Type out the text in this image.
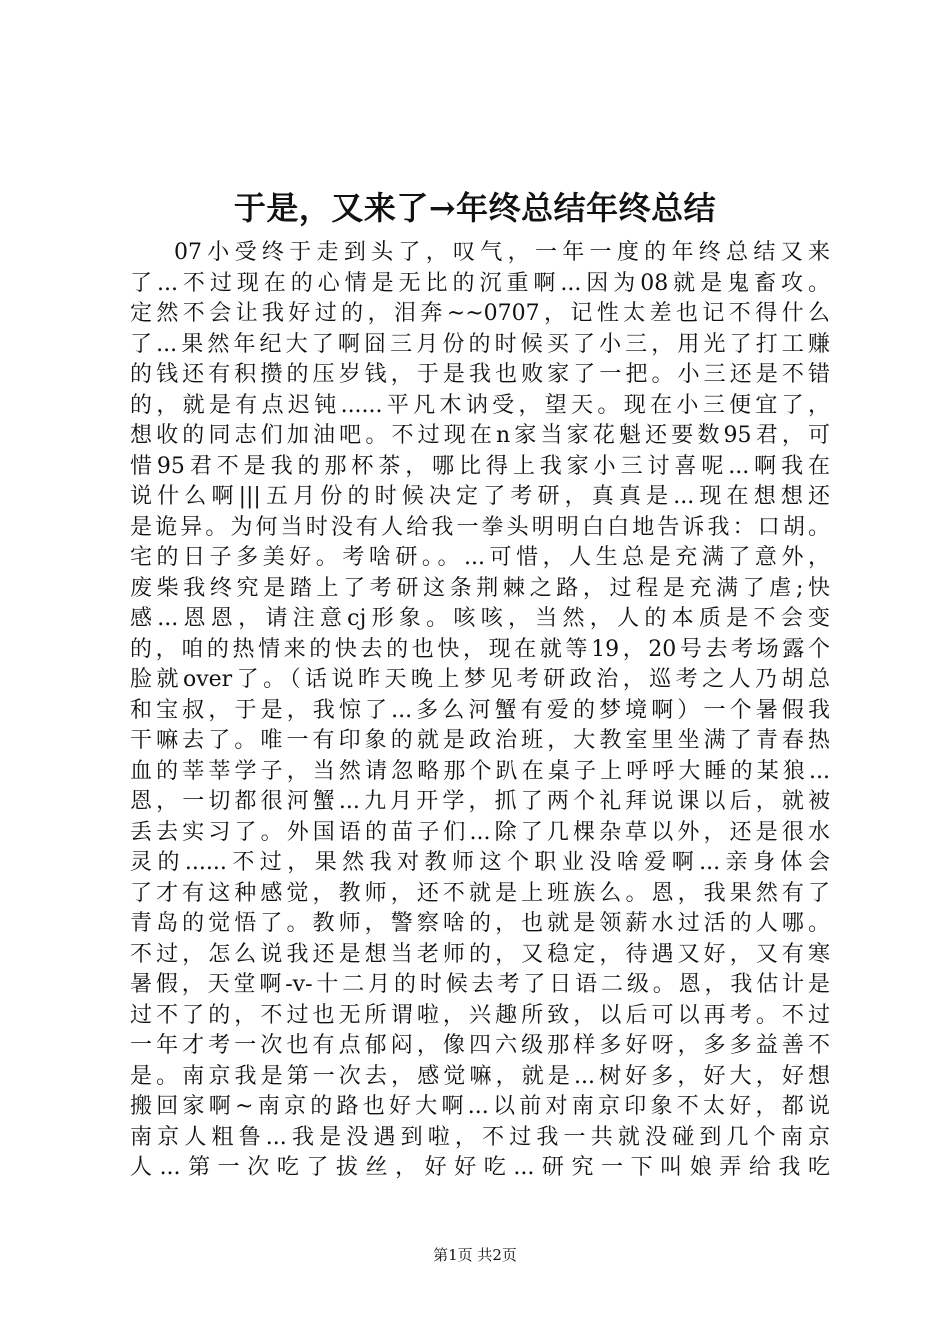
于是，又来了→年终总结年终总结
07小受终于走到头了，叹气，一年一度的年终总结又来
了...不过现在的心情是无比的沉重啊...因为08就是鬼畜攻。
定然不会让我好过的，泪奔~~0707，记性太差也记不得什么
了...果然年纪大了啊囧三月份的时候买了小三，用光了打工赚
的钱还有积攒的压岁钱，于是我也败家了一把。小三还是不错
的，就是有点迟钝......平凡木讷受，望天。现在小三便宜了，
想收的同志们加油吧。不过现在n家当家花魁还要数95君，可
惜95君不是我的那杯茶，哪比得上我家小三讨喜呢...啊我在
说什么啊|||五月份的时候决定了考研，真真是...现在想想还
是诡异。为何当时没有人给我一拳头明明白白地告诉我：口胡。
宅的日子多美好。考啥研。。...可惜，人生总是充满了意外，
废柴我终究是踏上了考研这条荆棘之路，过程是充满了虐;快
感...恩恩，请注意cj形象。咳咳，当然，人的本质是不会变
的，咱的热情来的快去的也快，现在就等19，20号去考场露个
脸就over了。（话说昨天晚上梦见考研政治，巡考之人乃胡总
和宝叔，于是，我惊了...多么河蟹有爱的梦境啊）一个暑假我
干嘛去了。唯一有印象的就是政治班，大教室里坐满了青春热
血的莘莘学子，当然请忽略那个趴在桌子上呼呼大睡的某狼...
恩，一切都很河蟹...九月开学，抓了两个礼拜说课以后，就被
丢去实习了。外国语的苗子们...除了几棵杂草以外，还是很水
灵的......不过，果然我对教师这个职业没啥爱啊...亲身体会
了才有这种感觉，教师，还不就是上班族么。恩，我果然有了
青岛的觉悟了。教师，警察啥的，也就是领薪水过活的人哪。
不过，怎么说我还是想当老师的，又稳定，待遇又好，又有寒
暑假，天堂啊-v-十二月的时候去考了日语二级。恩，我估计是
过不了的，不过也无所谓啦，兴趣所致，以后可以再考。不过
一年才考一次也有点郁闷，像四六级那样多好呀，多多益善不
是。南京我是第一次去，感觉嘛，就是...树好多，好大，好想
搬回家啊~南京的路也好大啊...以前对南京印象不太好，都说
南京人粗鲁...我是没遇到啦，不过我一共就没碰到几个南京
人...第一次吃了拔丝，好好吃...研究一下叫娘弄给我吃
第1页 共2页
